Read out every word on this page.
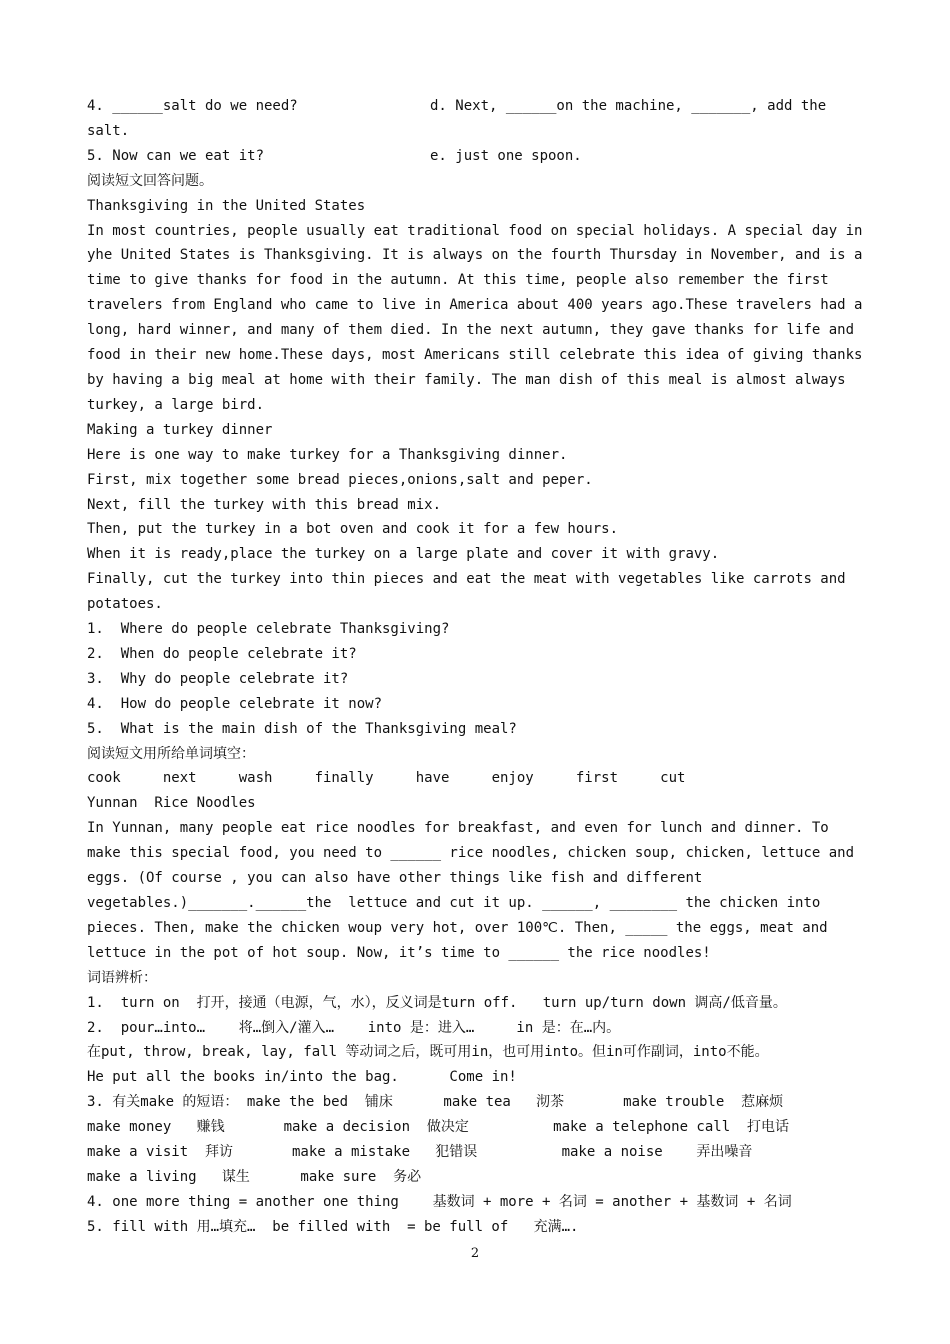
4. ______salt do we need?	d. Next, ______on the machine, _______, add the
salt.
5. Now can we eat it?	e. just one spoon.
阅读短文回答问题。
Thanksgiving in the United States
In most countries, people usually eat traditional food on special holidays. A special day in
yhe United States is Thanksgiving. It is always on the fourth Thursday in November, and is a
time to give thanks for food in the autumn. At this time, people also remember the first
travelers from England who came to live in America about 400 years ago.These travelers had a
long, hard winner, and many of them died. In the next autumn, they gave thanks for life and
food in their new home.These days, most Americans still celebrate this idea of giving thanks
by having a big meal at home with their family. The man dish of this meal is almost always
turkey, a large bird.
Making a turkey dinner
Here is one way to make turkey for a Thanksgiving dinner.
First, mix together some bread pieces,onions,salt and peper.
Next, fill the turkey with this bread mix.
Then, put the turkey in a bot oven and cook it for a few hours.
When it is ready,place the turkey on a large plate and cover it with gravy.
Finally, cut the turkey into thin pieces and eat the meat with vegetables like carrots and
potatoes.
1.  Where do people celebrate Thanksgiving?
2.  When do people celebrate it?
3.  Why do people celebrate it?
4.  How do people celebrate it now?
5.  What is the main dish of the Thanksgiving meal?
阅读短文用所给单词填空：
cook     next     wash     finally     have     enjoy     first     cut
Yunnan  Rice Noodles
In Yunnan, many people eat rice noodles for breakfast, and even for lunch and dinner. To
make this special food, you need to ______ rice noodles, chicken soup, chicken, lettuce and
eggs. (Of course , you can also have other things like fish and different
vegetables.)_______.______the  lettuce and cut it up. ______, ________ the chicken into
pieces. Then, make the chicken woup very hot, over 100℃. Then, _____ the eggs, meat and
lettuce in the pot of hot soup. Now, it’s time to ______ the rice noodles!
词语辨析：
1.  turn on  打开，接通（电源，气，水），反义词是turn off.   turn up/turn down 调高/低音量。
2.  pour…into…    将…倒入/灌入…    into 是：进入…     in 是：在…内。
在put, throw, break, lay, fall 等动词之后，既可用in，也可用into。但in可作副词，into不能。
He put all the books in/into the bag.      Come in!
3. 有关make 的短语： make the bed  铺床      make tea   沏茶       make trouble  惹麻烦
make money   赚钱       make a decision  做决定          make a telephone call  打电话
make a visit  拜访       make a mistake   犯错误          make a noise    弄出噪音
make a living   谋生      make sure  务必
4. one more thing = another one thing    基数词 + more + 名词 = another + 基数词 + 名词
5. fill with 用…填充…  be filled with  = be full of   充满….
2
